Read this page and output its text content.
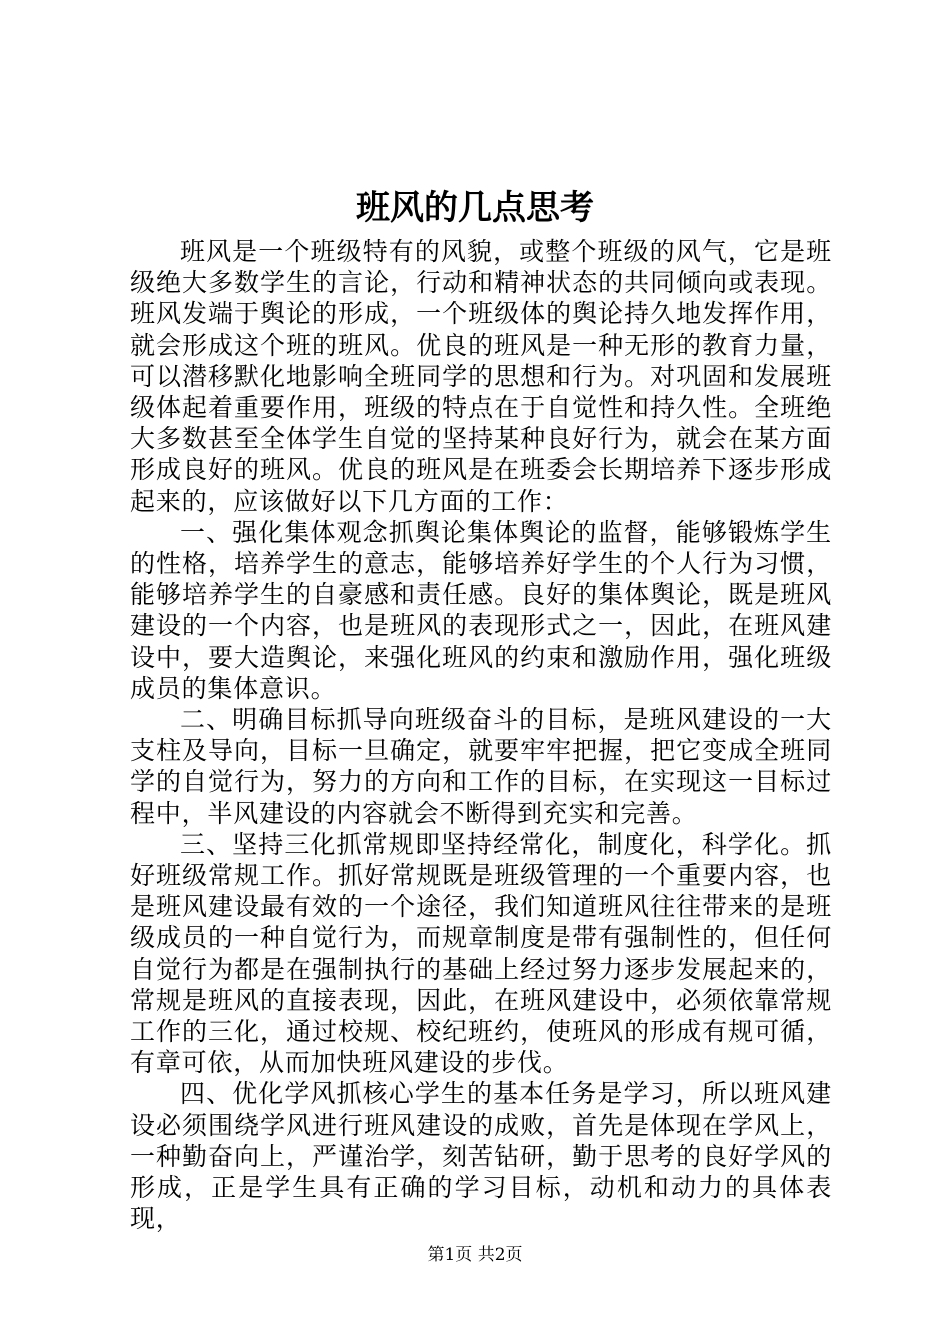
班风的几点思考

班风是一个班级特有的风貌，或整个班级的风气，它是班级绝大多数学生的言论，行动和精神状态的共同倾向或表现。班风发端于舆论的形成，一个班级体的舆论持久地发挥作用，就会形成这个班的班风。优良的班风是一种无形的教育力量，可以潜移默化地影响全班同学的思想和行为。对巩固和发展班级体起着重要作用，班级的特点在于自觉性和持久性。全班绝大多数甚至全体学生自觉的坚持某种良好行为，就会在某方面形成良好的班风。优良的班风是在班委会长期培养下逐步形成起来的，应该做好以下几方面的工作：

一、强化集体观念抓舆论集体舆论的监督，能够锻炼学生的性格，培养学生的意志，能够培养好学生的个人行为习惯，能够培养学生的自豪感和责任感。良好的集体舆论，既是班风建设的一个内容，也是班风的表现形式之一，因此，在班风建设中，要大造舆论，来强化班风的约束和激励作用，强化班级成员的集体意识。

二、明确目标抓导向班级奋斗的目标，是班风建设的一大支柱及导向，目标一旦确定，就要牢牢把握，把它变成全班同学的自觉行为，努力的方向和工作的目标，在实现这一目标过程中，半风建设的内容就会不断得到充实和完善。

三、坚持三化抓常规即坚持经常化，制度化，科学化。抓好班级常规工作。抓好常规既是班级管理的一个重要内容，也是班风建设最有效的一个途径，我们知道班风往往带来的是班级成员的一种自觉行为，而规章制度是带有强制性的，但任何自觉行为都是在强制执行的基础上经过努力逐步发展起来的，常规是班风的直接表现，因此，在班风建设中，必须依靠常规工作的三化，通过校规、校纪班约，使班风的形成有规可循，有章可依，从而加快班风建设的步伐。

四、优化学风抓核心学生的基本任务是学习，所以班风建设必须围绕学风进行班风建设的成败，首先是体现在学风上，一种勤奋向上，严谨治学，刻苦钻研，勤于思考的良好学风的形成，正是学生具有正确的学习目标，动机和动力的具体表现，

第1页 共2页
